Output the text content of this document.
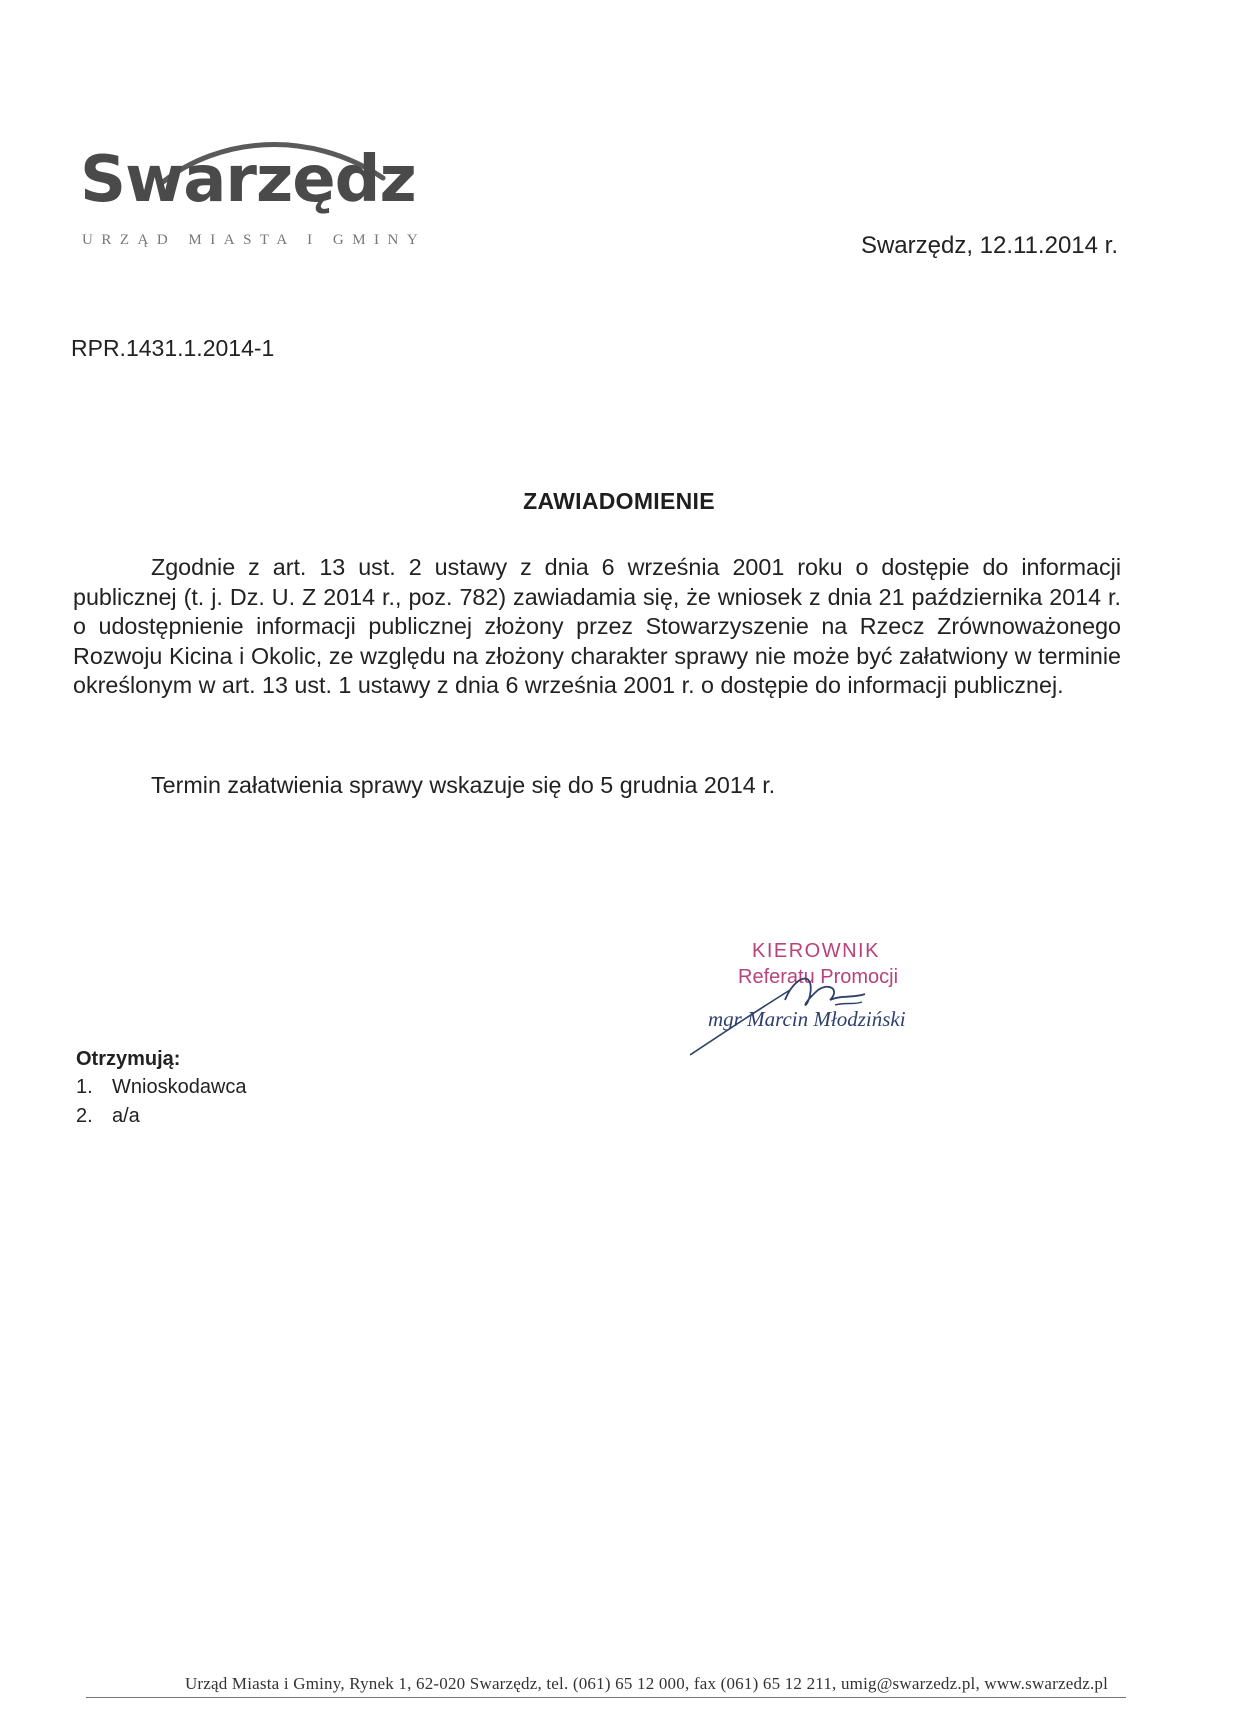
Swarzędz
URZĄD MIASTA I GMINY	Swarzędz, 12.11.2014 r.
RPR.1431.1.2014-1
ZAWIADOMIENIE
Zgodnie z art. 13 ust. 2 ustawy z dnia 6 września 2001 roku o dostępie do informacji publicznej (t. j. Dz. U. Z 2014 r., poz. 782) zawiadamia się, że wniosek z dnia 21 października 2014 r. o udostępnienie informacji publicznej złożony przez Stowarzyszenie na Rzecz Zrównoważonego Rozwoju Kicina i Okolic, ze względu na złożony charakter sprawy nie może być załatwiony w terminie określonym w art. 13 ust. 1 ustawy z dnia 6 września 2001 r. o dostępie do informacji publicznej.
Termin załatwienia sprawy wskazuje się do 5 grudnia 2014 r.
KIEROWNIK
Referatu Promocji
mgr Marcin Młodziński
Otrzymują:
1. Wnioskodawca
2. a/a
Urząd Miasta i Gminy, Rynek 1, 62-020 Swarzędz, tel. (061) 65 12 000, fax (061) 65 12 211, umig@swarzedz.pl, www.swarzedz.pl
